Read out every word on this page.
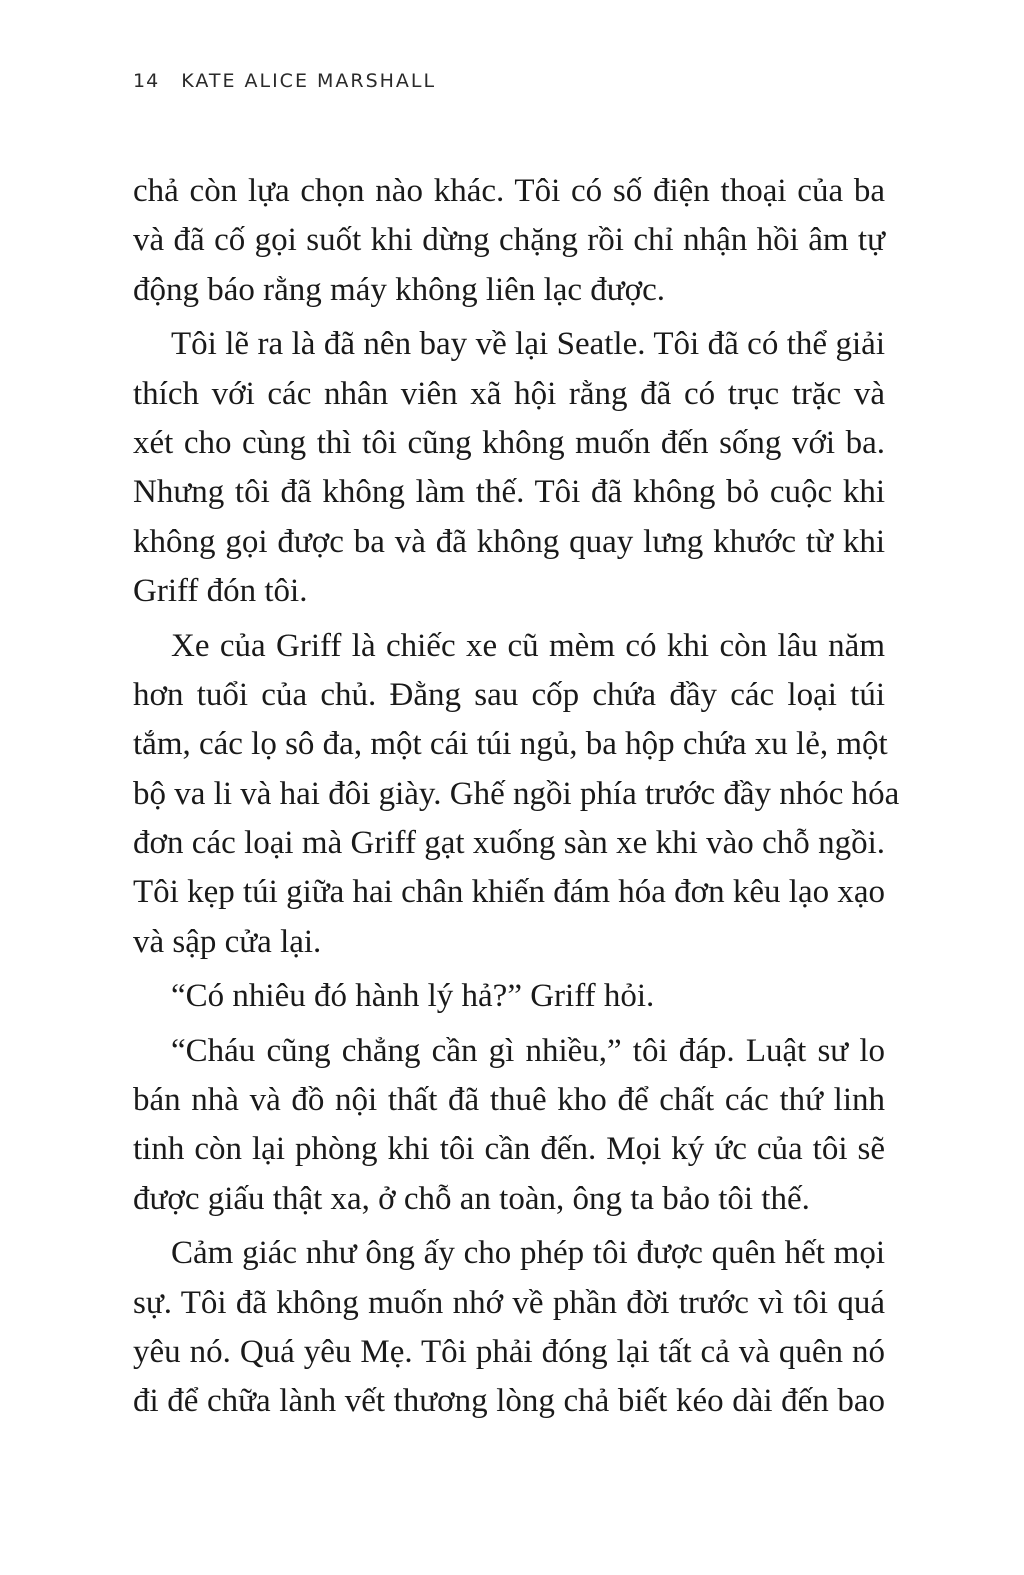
14 KATE ALICE MARSHALL
chả còn lựa chọn nào khác. Tôi có số điện thoại của ba
và đã cố gọi suốt khi dừng chặng rồi chỉ nhận hồi âm tự
động báo rằng máy không liên lạc được.
Tôi lẽ ra là đã nên bay về lại Seatle. Tôi đã có thể giải
thích với các nhân viên xã hội rằng đã có trục trặc và
xét cho cùng thì tôi cũng không muốn đến sống với ba.
Nhưng tôi đã không làm thế. Tôi đã không bỏ cuộc khi
không gọi được ba và đã không quay lưng khước từ khi
Griff đón tôi.
Xe của Griff là chiếc xe cũ mèm có khi còn lâu năm
hơn tuổi của chủ. Đằng sau cốp chứa đầy các loại túi
tắm, các lọ sô đa, một cái túi ngủ, ba hộp chứa xu lẻ, một
bộ va li và hai đôi giày. Ghế ngồi phía trước đầy nhóc hóa
đơn các loại mà Griff gạt xuống sàn xe khi vào chỗ ngồi.
Tôi kẹp túi giữa hai chân khiến đám hóa đơn kêu lạo xạo
và sập cửa lại.
“Có nhiêu đó hành lý hả?” Griff hỏi.
“Cháu cũng chẳng cần gì nhiều,” tôi đáp. Luật sư lo
bán nhà và đồ nội thất đã thuê kho để chất các thứ linh
tinh còn lại phòng khi tôi cần đến. Mọi ký ức của tôi sẽ
được giấu thật xa, ở chỗ an toàn, ông ta bảo tôi thế.
Cảm giác như ông ấy cho phép tôi được quên hết mọi
sự. Tôi đã không muốn nhớ về phần đời trước vì tôi quá
yêu nó. Quá yêu Mẹ. Tôi phải đóng lại tất cả và quên nó
đi để chữa lành vết thương lòng chả biết kéo dài đến bao
